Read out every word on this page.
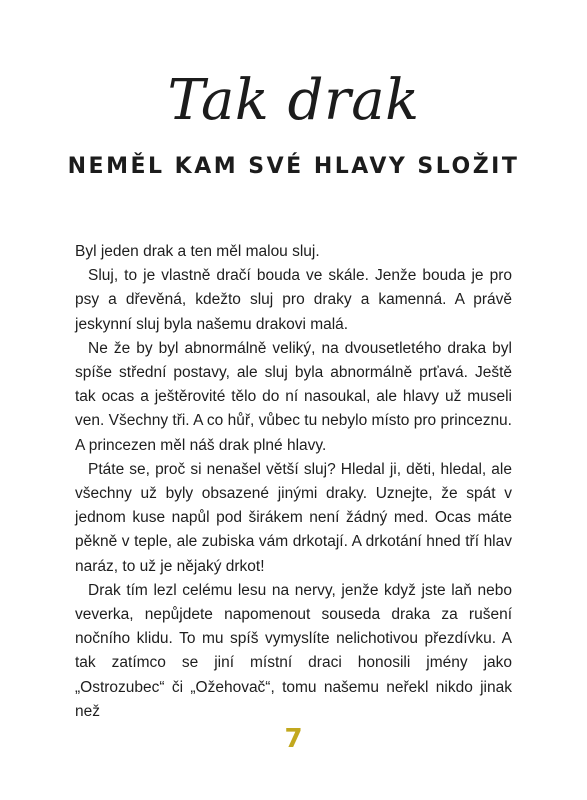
Tak drak
NEMĚL KAM SVÉ HLAVY SLOŽIT

Byl jeden drak a ten měl malou sluj.

Sluj, to je vlastně dračí bouda ve skále. Jenže bouda je pro psy a dřevěná, kdežto sluj pro draky a kamenná. A právě jeskynní sluj byla našemu drakovi malá.

Ne že by byl abnormálně veliký, na dvousetletého draka byl spíše střední postavy, ale sluj byla abnormálně prťavá. Ještě tak ocas a ještěrovité tělo do ní nasoukal, ale hlavy už museli ven. Všechny tři. A co hůř, vůbec tu nebylo místo pro princeznu. A princezen měl náš drak plné hlavy.

Ptáte se, proč si nenašel větší sluj? Hledal ji, děti, hledal, ale všechny už byly obsazené jinými draky. Uznejte, že spát v jednom kuse napůl pod širákem není žádný med. Ocas máte pěkně v teple, ale zubiska vám drkotají. A drkotání hned tří hlav naráz, to už je nějaký drkot!

Drak tím lezl celému lesu na nervy, jenže když jste laň nebo veverka, nepůjdete napomenout souseda draka za rušení nočního klidu. To mu spíš vymyslíte nelichotivou přezdívku. A tak zatímco se jiní místní draci honosili jmény jako „Ostrozubec“ či „Ožehovač“, tomu našemu neřekl nikdo jinak než

7
